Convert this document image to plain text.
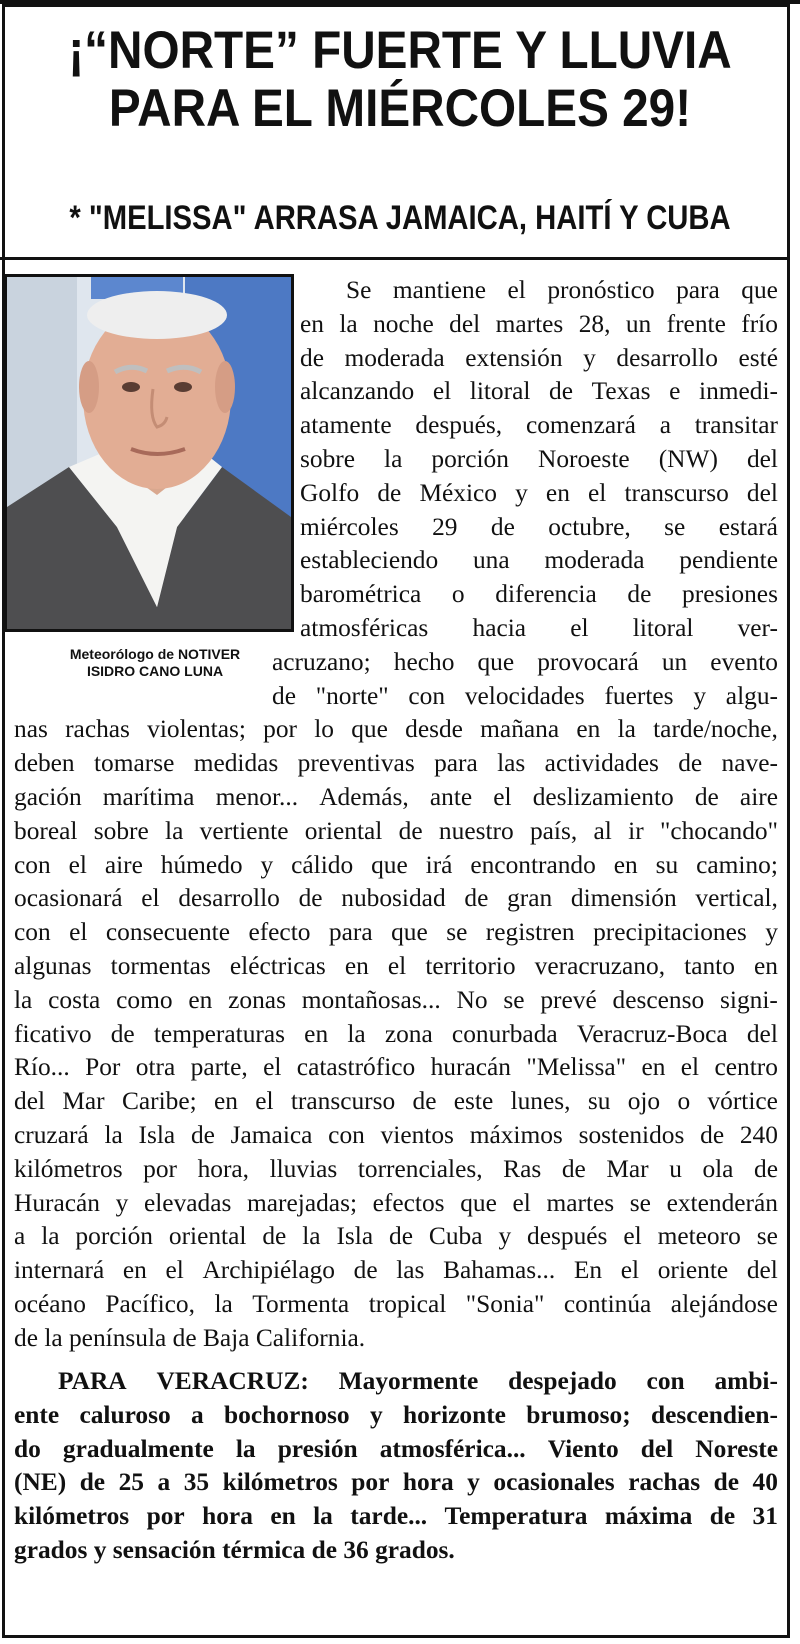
¡“NORTE” FUERTE Y LLUVIA
PARA EL MIÉRCOLES 29!
* "MELISSA" ARRASA JAMAICA, HAITÍ Y CUBA
Meteorólogo de NOTIVER
ISIDRO CANO LUNA
Se mantiene el pronóstico para que
en la noche del martes 28, un frente frío
de moderada extensión y desarrollo esté
alcanzando el litoral de Texas e inmedi-
atamente después, comenzará a transitar
sobre la porción Noroeste (NW) del
Golfo de México y en el transcurso del
miércoles 29 de octubre, se estará
estableciendo una moderada pendiente
barométrica o diferencia de presiones
atmosféricas hacia el litoral ver-
acruzano; hecho que provocará un evento
de "norte" con velocidades fuertes y algu-
nas rachas violentas; por lo que desde mañana en la tarde/noche,
deben tomarse medidas preventivas para las actividades de nave-
gación marítima menor... Además, ante el deslizamiento de aire
boreal sobre la vertiente oriental de nuestro país, al ir "chocando"
con el aire húmedo y cálido que irá encontrando en su camino;
ocasionará el desarrollo de nubosidad de gran dimensión vertical,
con el consecuente efecto para que se registren precipitaciones y
algunas tormentas eléctricas en el territorio veracruzano, tanto en
la costa como en zonas montañosas... No se prevé descenso signi-
ficativo de temperaturas en la zona conurbada Veracruz-Boca del
Río... Por otra parte, el catastrófico huracán "Melissa" en el centro
del Mar Caribe; en el transcurso de este lunes, su ojo o vórtice
cruzará la Isla de Jamaica con vientos máximos sostenidos de 240
kilómetros por hora, lluvias torrenciales, Ras de Mar u ola de
Huracán y elevadas marejadas; efectos que el martes se extenderán
a la porción oriental de la Isla de Cuba y después el meteoro se
internará en el Archipiélago de las Bahamas... En el oriente del
océano Pacífico, la Tormenta tropical "Sonia" continúa alejándose
de la península de Baja California.
PARA VERACRUZ: Mayormente despejado con ambi-
ente caluroso a bochornoso y horizonte brumoso; descendien-
do gradualmente la presión atmosférica... Viento del Noreste
(NE) de 25 a 35 kilómetros por hora y ocasionales rachas de 40
kilómetros por hora en la tarde... Temperatura máxima de 31
grados y sensación térmica de 36 grados.
